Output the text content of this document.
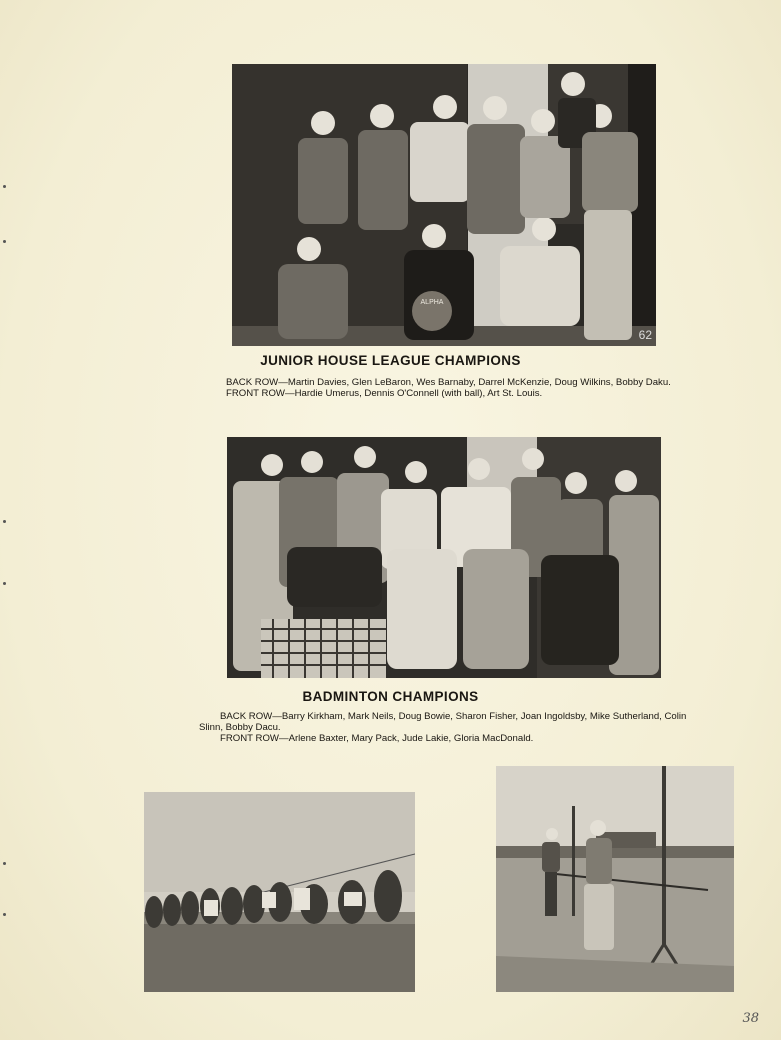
ALPHA
62
JUNIOR HOUSE LEAGUE CHAMPIONS

BACK ROW—Martin Davies, Glen LeBaron, Wes Barnaby, Darrel McKenzie, Doug Wilkins, Bobby Daku.

FRONT ROW—Hardie Umerus, Dennis O'Connell (with ball), Art St. Louis.

BADMINTON CHAMPIONS

BACK ROW—Barry Kirkham, Mark Neils, Doug Bowie, Sharon Fisher, Joan Ingoldsby, Mike Sutherland, Colin Slinn, Bobby Dacu.

FRONT ROW—Arlene Baxter, Mary Pack, Jude Lakie, Gloria MacDonald.

38
